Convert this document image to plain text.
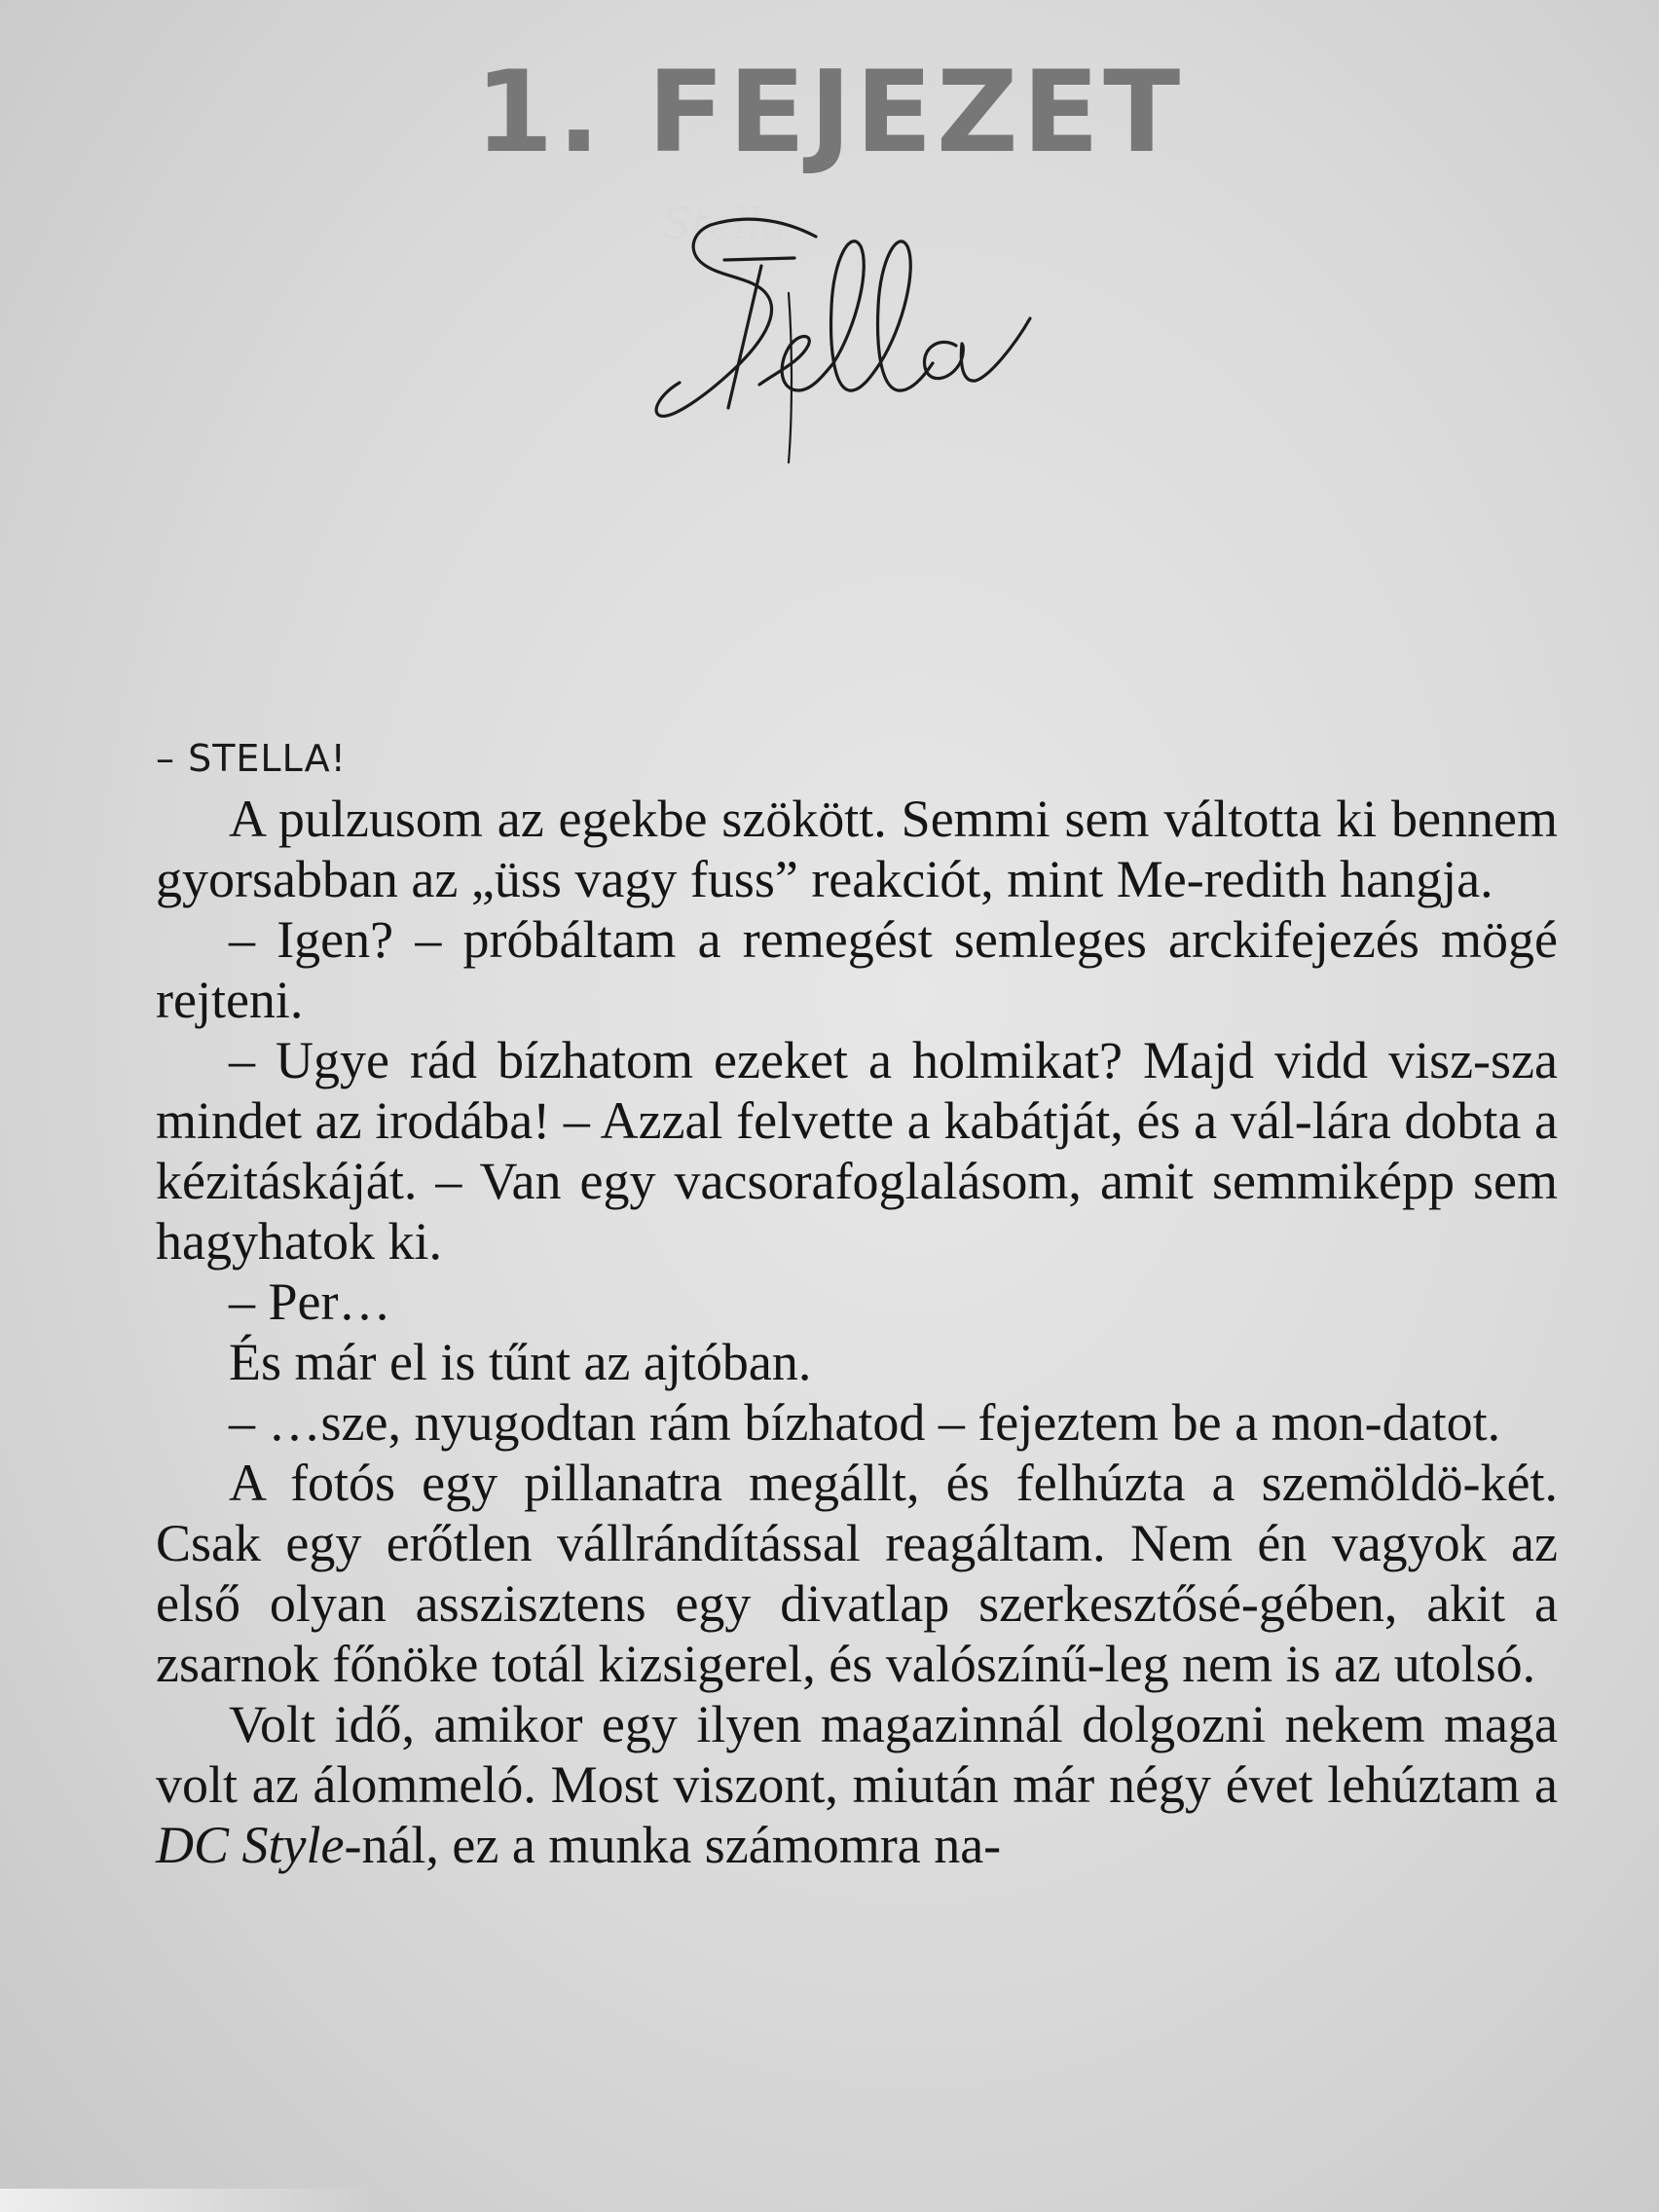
1. FEJEZET

– STELLA!

A pulzusom az egekbe szökött. Semmi sem váltotta ki bennem gyorsabban az „üss vagy fuss” reakciót, mint Me-redith hangja.

– Igen? – próbáltam a remegést semleges arckifejezés mögé rejteni.

– Ugye rád bízhatom ezeket a holmikat? Majd vidd visz-sza mindet az irodába! – Azzal felvette a kabátját, és a vál-lára dobta a kézitáskáját. – Van egy vacsorafoglalásom, amit semmiképp sem hagyhatok ki.

– Per…

És már el is tűnt az ajtóban.

– …sze, nyugodtan rám bízhatod – fejeztem be a mon-datot.

A fotós egy pillanatra megállt, és felhúzta a szemöldö-két. Csak egy erőtlen vállrándítással reagáltam. Nem én vagyok az első olyan asszisztens egy divatlap szerkesztősé-gében, akit a zsarnok főnöke totál kizsigerel, és valószínű-leg nem is az utolsó.

Volt idő, amikor egy ilyen magazinnál dolgozni nekem maga volt az álommeló. Most viszont, miután már négy évet lehúztam a DC Style-nál, ez a munka számomra na-
